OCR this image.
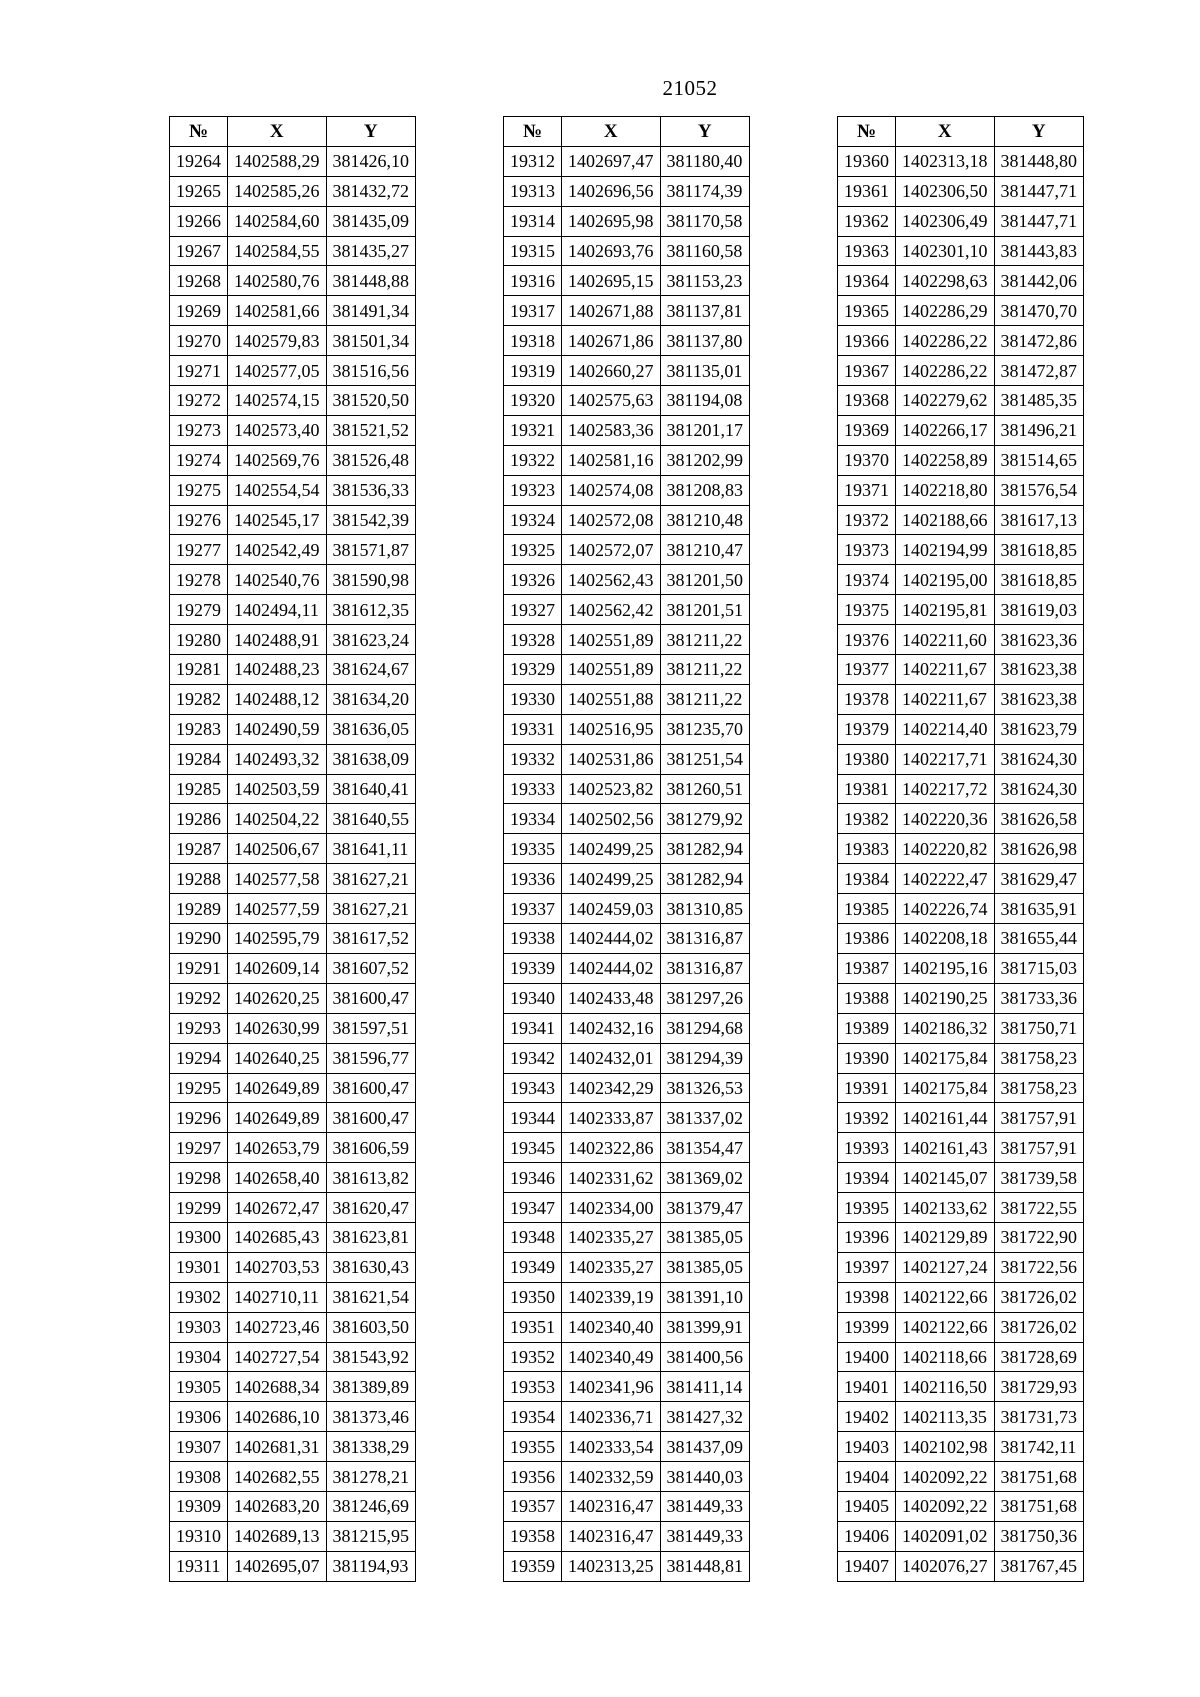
21052
№	X	Y
19264	1402588,29	381426,10
19265	1402585,26	381432,72
19266	1402584,60	381435,09
19267	1402584,55	381435,27
19268	1402580,76	381448,88
19269	1402581,66	381491,34
19270	1402579,83	381501,34
19271	1402577,05	381516,56
19272	1402574,15	381520,50
19273	1402573,40	381521,52
19274	1402569,76	381526,48
19275	1402554,54	381536,33
19276	1402545,17	381542,39
19277	1402542,49	381571,87
19278	1402540,76	381590,98
19279	1402494,11	381612,35
19280	1402488,91	381623,24
19281	1402488,23	381624,67
19282	1402488,12	381634,20
19283	1402490,59	381636,05
19284	1402493,32	381638,09
19285	1402503,59	381640,41
19286	1402504,22	381640,55
19287	1402506,67	381641,11
19288	1402577,58	381627,21
19289	1402577,59	381627,21
19290	1402595,79	381617,52
19291	1402609,14	381607,52
19292	1402620,25	381600,47
19293	1402630,99	381597,51
19294	1402640,25	381596,77
19295	1402649,89	381600,47
19296	1402649,89	381600,47
19297	1402653,79	381606,59
19298	1402658,40	381613,82
19299	1402672,47	381620,47
19300	1402685,43	381623,81
19301	1402703,53	381630,43
19302	1402710,11	381621,54
19303	1402723,46	381603,50
19304	1402727,54	381543,92
19305	1402688,34	381389,89
19306	1402686,10	381373,46
19307	1402681,31	381338,29
19308	1402682,55	381278,21
19309	1402683,20	381246,69
19310	1402689,13	381215,95
19311	1402695,07	381194,93
№	X	Y
19312	1402697,47	381180,40
19313	1402696,56	381174,39
19314	1402695,98	381170,58
19315	1402693,76	381160,58
19316	1402695,15	381153,23
19317	1402671,88	381137,81
19318	1402671,86	381137,80
19319	1402660,27	381135,01
19320	1402575,63	381194,08
19321	1402583,36	381201,17
19322	1402581,16	381202,99
19323	1402574,08	381208,83
19324	1402572,08	381210,48
19325	1402572,07	381210,47
19326	1402562,43	381201,50
19327	1402562,42	381201,51
19328	1402551,89	381211,22
19329	1402551,89	381211,22
19330	1402551,88	381211,22
19331	1402516,95	381235,70
19332	1402531,86	381251,54
19333	1402523,82	381260,51
19334	1402502,56	381279,92
19335	1402499,25	381282,94
19336	1402499,25	381282,94
19337	1402459,03	381310,85
19338	1402444,02	381316,87
19339	1402444,02	381316,87
19340	1402433,48	381297,26
19341	1402432,16	381294,68
19342	1402432,01	381294,39
19343	1402342,29	381326,53
19344	1402333,87	381337,02
19345	1402322,86	381354,47
19346	1402331,62	381369,02
19347	1402334,00	381379,47
19348	1402335,27	381385,05
19349	1402335,27	381385,05
19350	1402339,19	381391,10
19351	1402340,40	381399,91
19352	1402340,49	381400,56
19353	1402341,96	381411,14
19354	1402336,71	381427,32
19355	1402333,54	381437,09
19356	1402332,59	381440,03
19357	1402316,47	381449,33
19358	1402316,47	381449,33
19359	1402313,25	381448,81
№	X	Y
19360	1402313,18	381448,80
19361	1402306,50	381447,71
19362	1402306,49	381447,71
19363	1402301,10	381443,83
19364	1402298,63	381442,06
19365	1402286,29	381470,70
19366	1402286,22	381472,86
19367	1402286,22	381472,87
19368	1402279,62	381485,35
19369	1402266,17	381496,21
19370	1402258,89	381514,65
19371	1402218,80	381576,54
19372	1402188,66	381617,13
19373	1402194,99	381618,85
19374	1402195,00	381618,85
19375	1402195,81	381619,03
19376	1402211,60	381623,36
19377	1402211,67	381623,38
19378	1402211,67	381623,38
19379	1402214,40	381623,79
19380	1402217,71	381624,30
19381	1402217,72	381624,30
19382	1402220,36	381626,58
19383	1402220,82	381626,98
19384	1402222,47	381629,47
19385	1402226,74	381635,91
19386	1402208,18	381655,44
19387	1402195,16	381715,03
19388	1402190,25	381733,36
19389	1402186,32	381750,71
19390	1402175,84	381758,23
19391	1402175,84	381758,23
19392	1402161,44	381757,91
19393	1402161,43	381757,91
19394	1402145,07	381739,58
19395	1402133,62	381722,55
19396	1402129,89	381722,90
19397	1402127,24	381722,56
19398	1402122,66	381726,02
19399	1402122,66	381726,02
19400	1402118,66	381728,69
19401	1402116,50	381729,93
19402	1402113,35	381731,73
19403	1402102,98	381742,11
19404	1402092,22	381751,68
19405	1402092,22	381751,68
19406	1402091,02	381750,36
19407	1402076,27	381767,45
